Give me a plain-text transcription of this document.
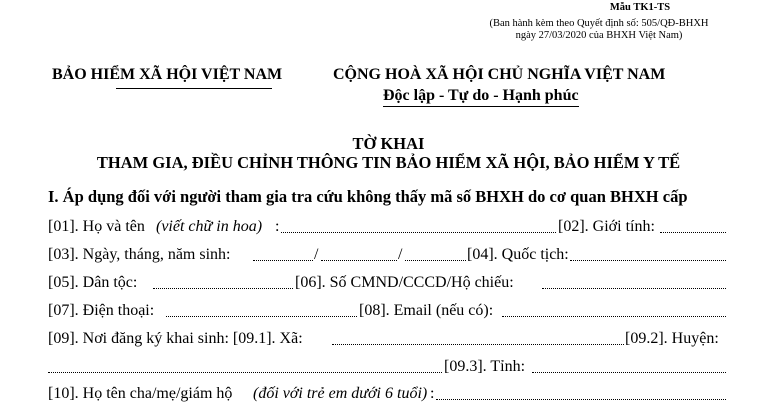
Mẫu TK1-TS
(Ban hành kèm theo Quyết định số: 505/QĐ-BHXH
ngày 27/03/2020 của BHXH Việt Nam)
BẢO HIỂM XÃ HỘI VIỆT NAM	CỘNG HOÀ XÃ HỘI CHỦ NGHĨA VIỆT NAM
Độc lập - Tự do - Hạnh phúc
TỜ KHAI
THAM GIA, ĐIỀU CHỈNH THÔNG TIN BẢO HIỂM XÃ HỘI, BẢO HIỂM Y TẾ
I. Áp dụng đối với người tham gia tra cứu không thấy mã số BHXH do cơ quan BHXH cấp
[01]. Họ và tên (viết chữ in hoa) :	[02]. Giới tính:
[03]. Ngày, tháng, năm sinh:	/	/	[04]. Quốc tịch:
[05]. Dân tộc:	[06]. Số CMND/CCCD/Hộ chiếu:
[07]. Điện thoại:	[08]. Email (nếu có):
[09]. Nơi đăng ký khai sinh: [09.1]. Xã:	[09.2]. Huyện:
[09.3]. Tỉnh:
[10]. Họ tên cha/mẹ/giám hộ (đối với trẻ em dưới 6 tuổi) :
